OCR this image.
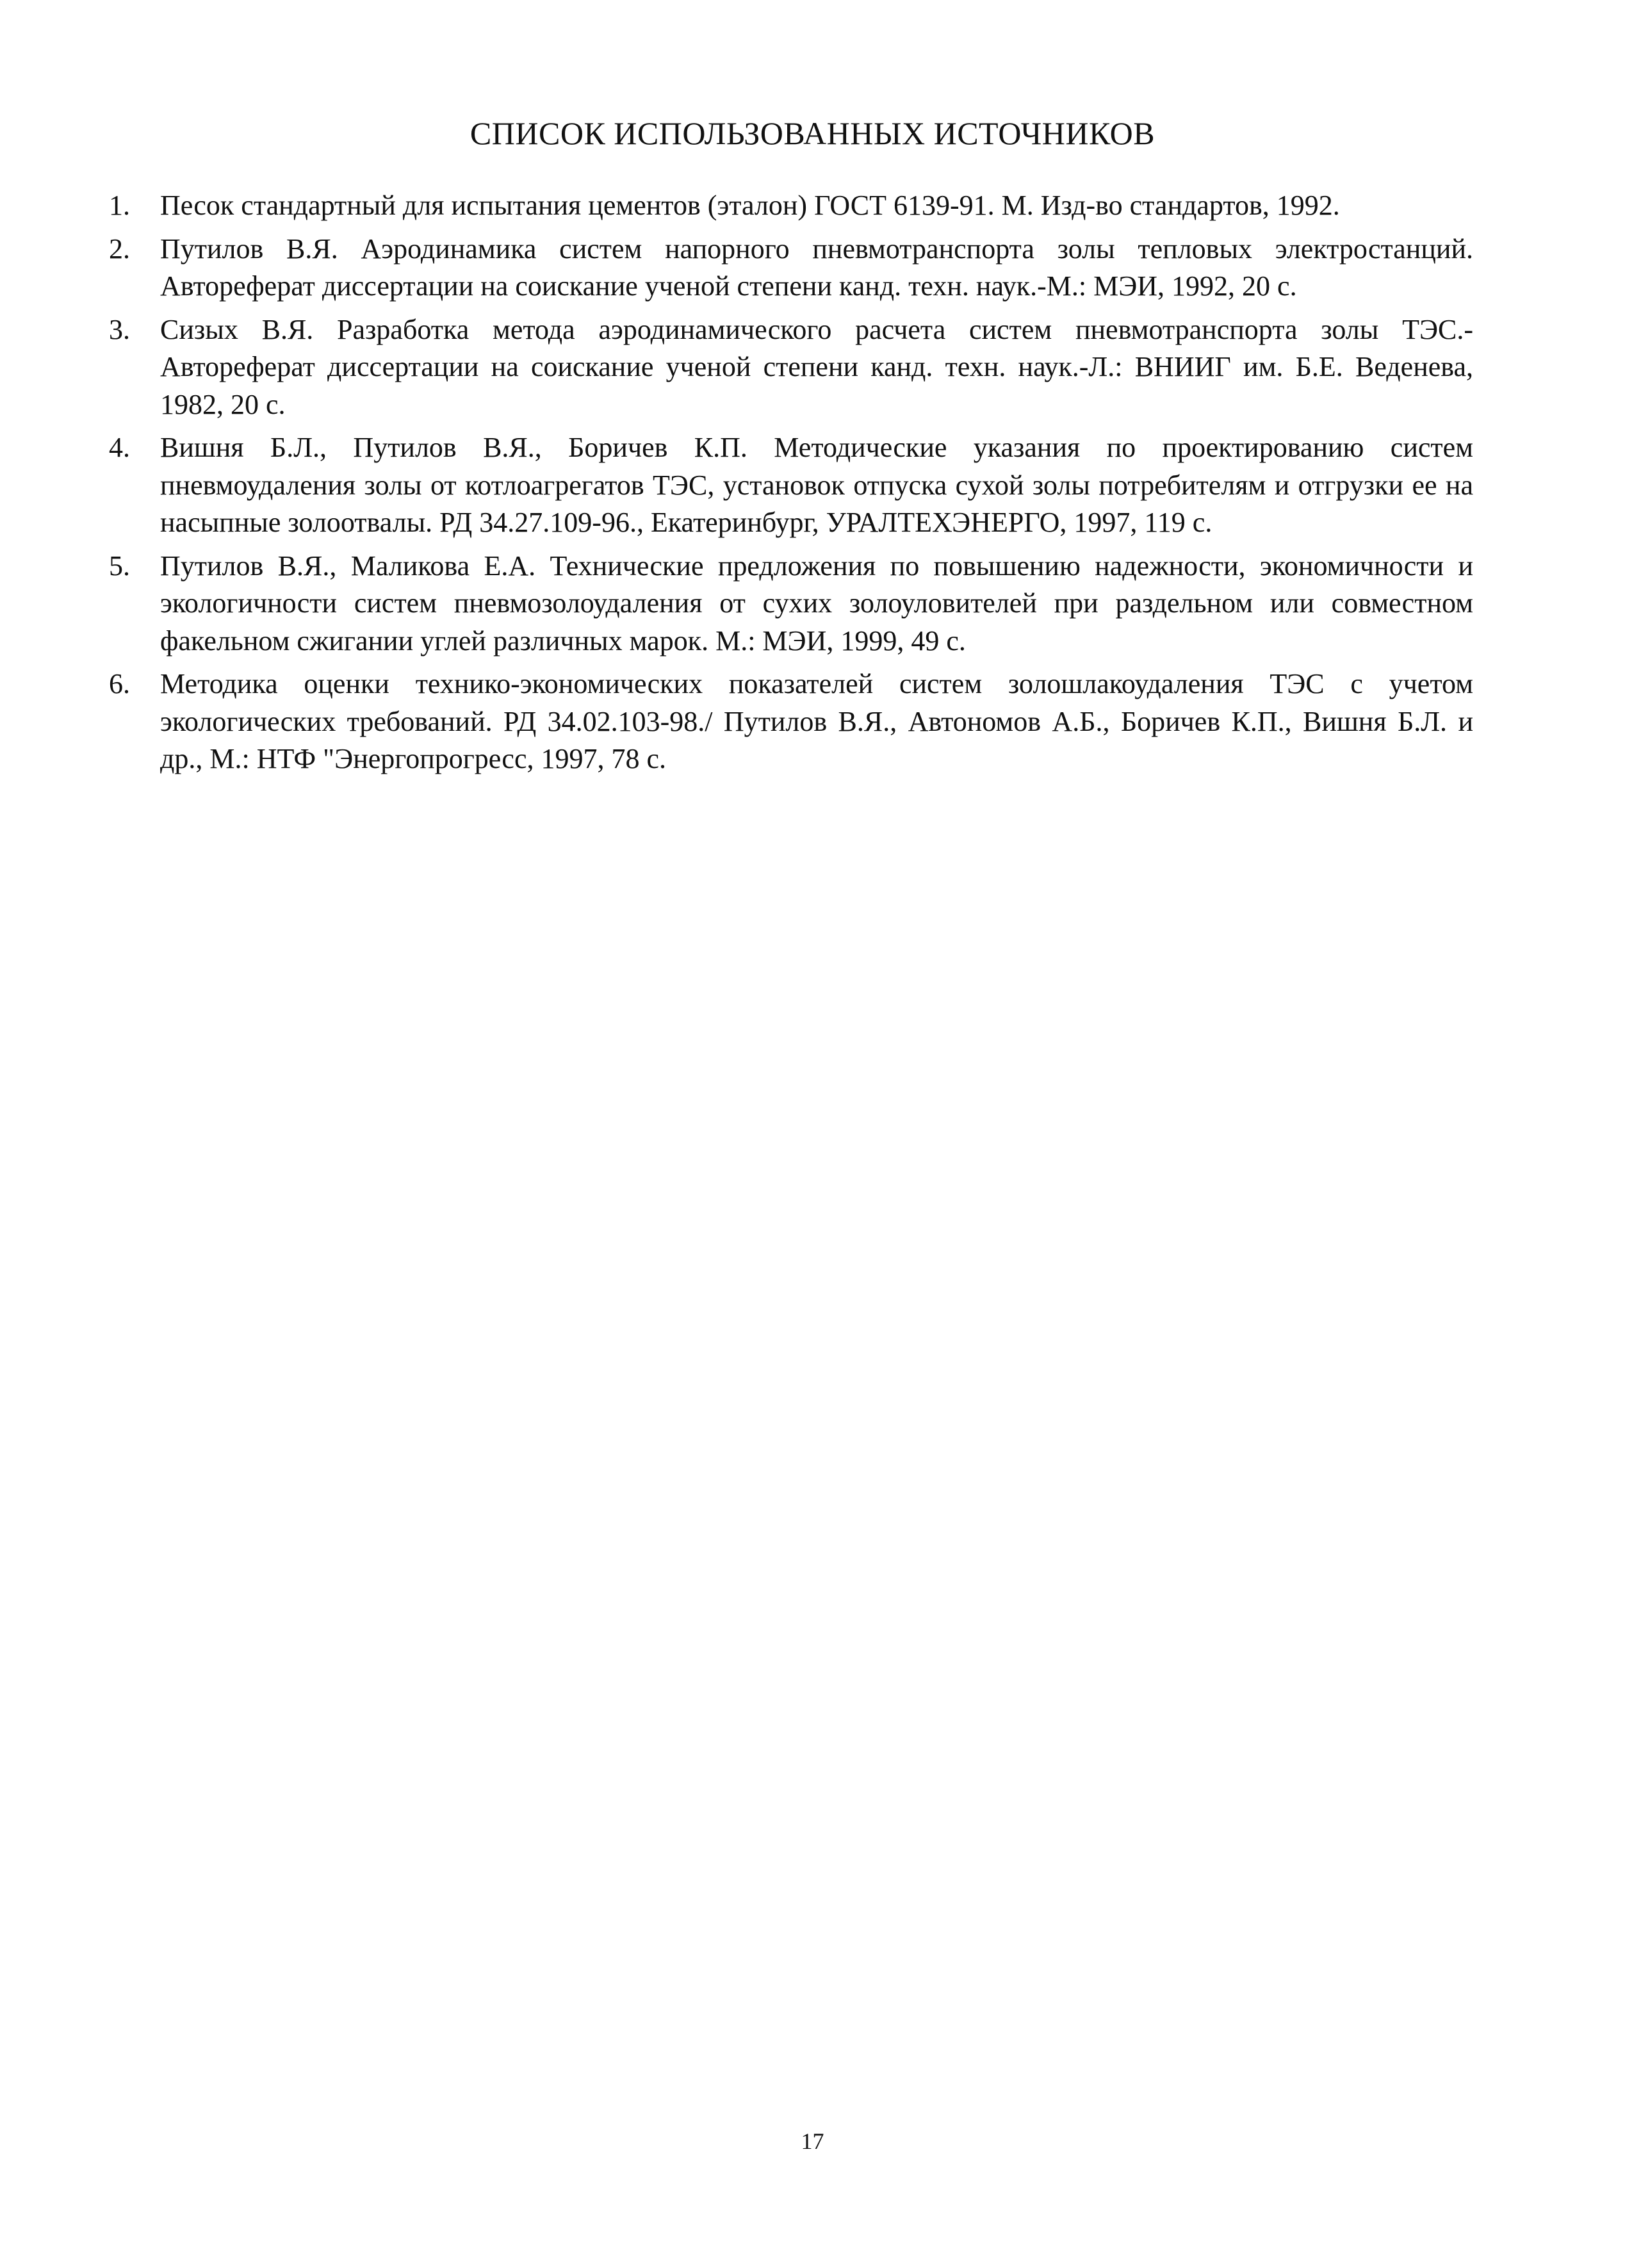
СПИСОК ИСПОЛЬЗОВАННЫХ ИСТОЧНИКОВ
1. Песок стандартный для испытания цементов (эталон) ГОСТ 6139-91. М. Изд-во стандартов, 1992.
2. Путилов В.Я. Аэродинамика систем напорного пневмотранспорта золы тепловых электростанций. Автореферат диссертации на соискание ученой степени канд. техн. наук.-М.: МЭИ, 1992, 20 с.
3. Сизых В.Я. Разработка метода аэродинамического расчета систем пневмотранспорта золы ТЭС.- Автореферат диссертации на соискание ученой степени канд. техн. наук.-Л.: ВНИИГ им. Б.Е. Веденева, 1982, 20 с.
4. Вишня Б.Л., Путилов В.Я., Боричев К.П. Методические указания по проектированию систем пневмоудаления золы от котлоагрегатов ТЭС, установок отпуска сухой золы потребителям и отгрузки ее на насыпные золоотвалы. РД 34.27.109-96., Екатеринбург, УРАЛТЕХЭНЕРГО, 1997, 119 с.
5. Путилов В.Я., Маликова Е.А. Технические предложения по повышению надежности, экономичности и экологичности систем пневмозолоудаления от сухих золоуловителей при раздельном или совместном факельном сжигании углей различных марок. М.: МЭИ, 1999, 49 с.
6. Методика оценки технико-экономических показателей систем золошлакоудаления ТЭС с учетом экологических требований. РД 34.02.103-98./ Путилов В.Я., Автономов А.Б., Боричев К.П., Вишня Б.Л. и др., М.: НТФ "Энергопрогресс, 1997, 78 с.
17
